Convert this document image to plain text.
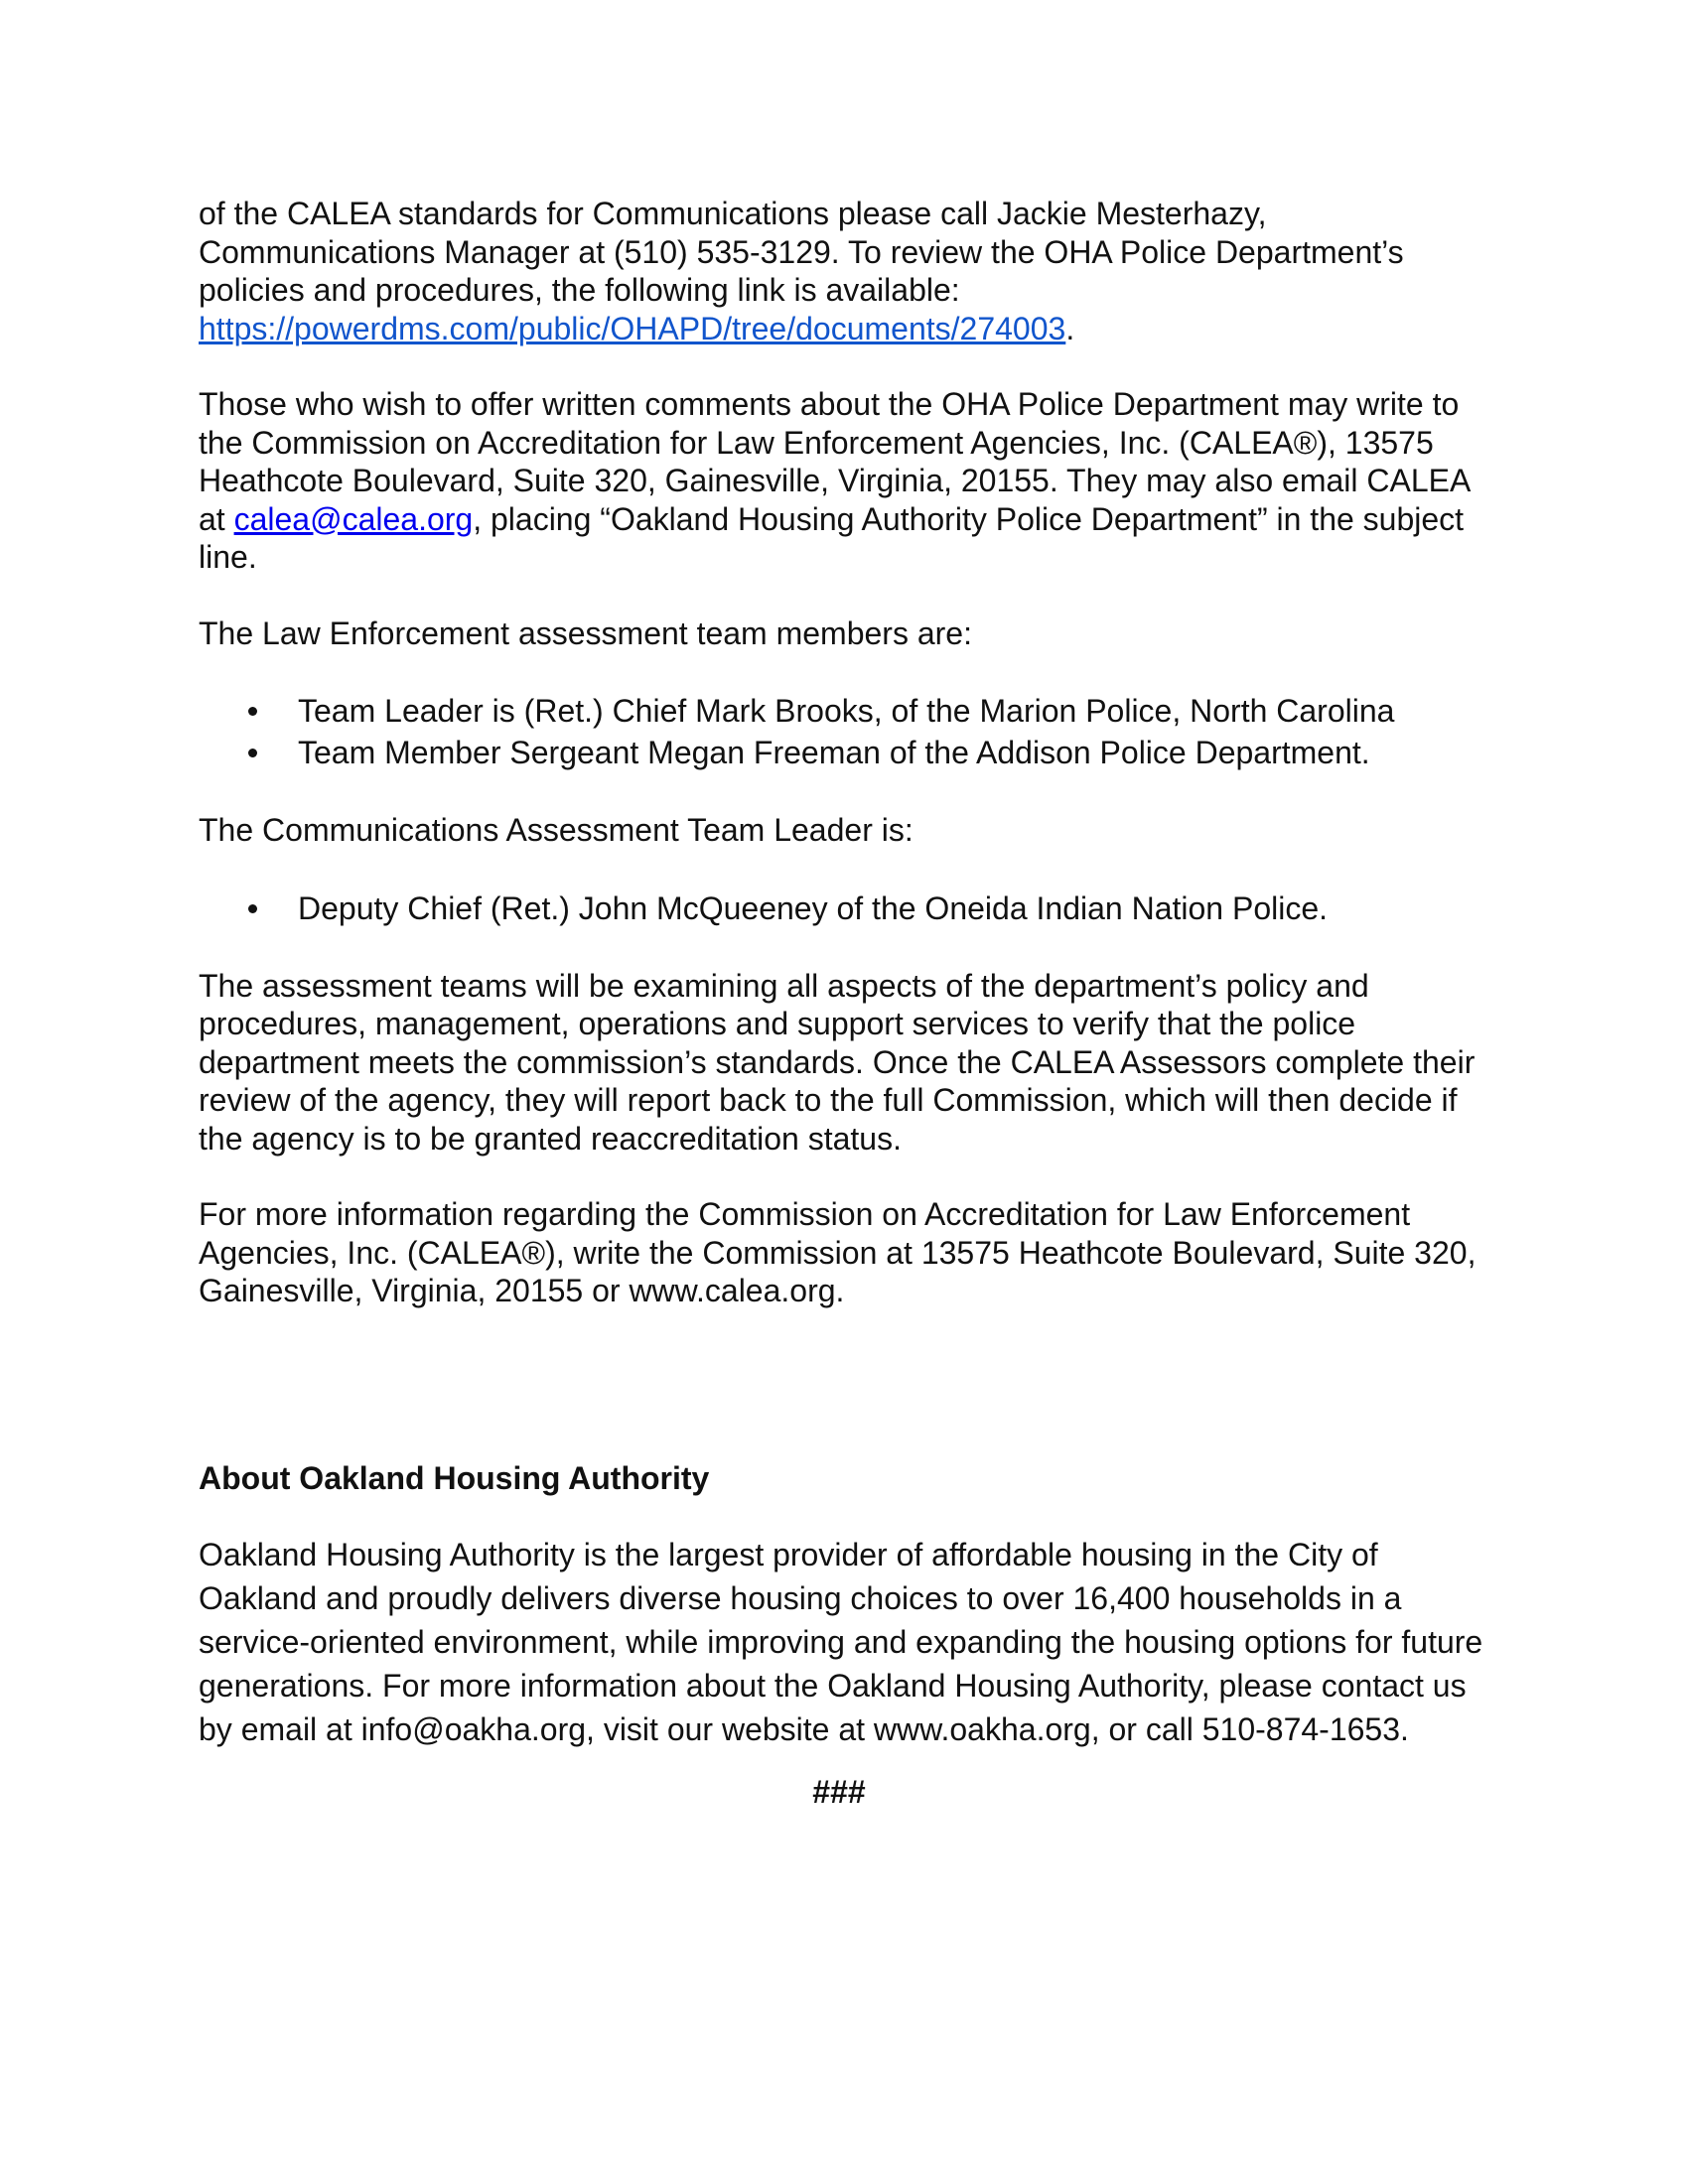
of the CALEA standards for Communications please call Jackie Mesterhazy, Communications Manager at (510) 535-3129. To review the OHA Police Department’s policies and procedures, the following link is available: https://powerdms.com/public/OHAPD/tree/documents/274003.

Those who wish to offer written comments about the OHA Police Department may write to the Commission on Accreditation for Law Enforcement Agencies, Inc. (CALEA®), 13575 Heathcote Boulevard, Suite 320, Gainesville, Virginia, 20155. They may also email CALEA at calea@calea.org, placing “Oakland Housing Authority Police Department” in the subject line.

The Law Enforcement assessment team members are:

Team Leader is (Ret.) Chief Mark Brooks, of the Marion Police, North Carolina
Team Member Sergeant Megan Freeman of the Addison Police Department.

The Communications Assessment Team Leader is:

Deputy Chief (Ret.) John McQueeney of the Oneida Indian Nation Police.

The assessment teams will be examining all aspects of the department’s policy and procedures, management, operations and support services to verify that the police department meets the commission’s standards. Once the CALEA Assessors complete their review of the agency, they will report back to the full Commission, which will then decide if the agency is to be granted reaccreditation status.

For more information regarding the Commission on Accreditation for Law Enforcement Agencies, Inc. (CALEA®), write the Commission at 13575 Heathcote Boulevard, Suite 320, Gainesville, Virginia, 20155 or www.calea.org.

About Oakland Housing Authority

Oakland Housing Authority is the largest provider of affordable housing in the City of Oakland and proudly delivers diverse housing choices to over 16,400 households in a service-oriented environment, while improving and expanding the housing options for future generations. For more information about the Oakland Housing Authority, please contact us by email at info@oakha.org, visit our website at www.oakha.org, or call 510-874-1653.

###
